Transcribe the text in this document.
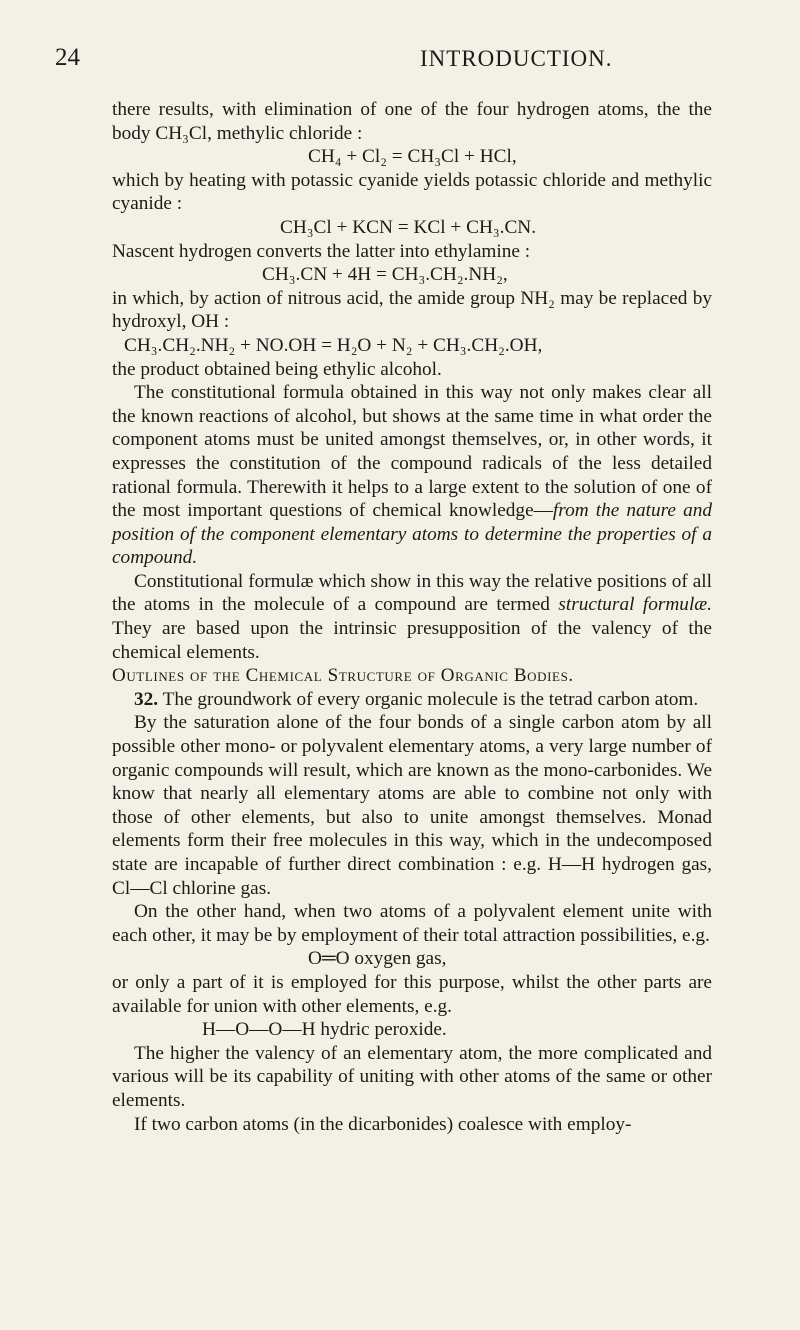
24	INTRODUCTION.

there results, with elimination of one of the four hydrogen atoms, the the body CH₃Cl, methylic chloride :

CH₄ + Cl₂ = CH₃Cl + HCl,

which by heating with potassic cyanide yields potassic chloride and methylic cyanide :

CH₃Cl + KCN = KCl + CH₃.CN.

Nascent hydrogen converts the latter into ethylamine :

CH₃.CN + 4H = CH₃.CH₂.NH₂,

in which, by action of nitrous acid, the amide group NH₂ may be replaced by hydroxyl, OH :

CH₃.CH₂.NH₂ + NO.OH = H₂O + N₂ + CH₃.CH₂.OH,

the product obtained being ethylic alcohol.

The constitutional formula obtained in this way not only makes clear all the known reactions of alcohol, but shows at the same time in what order the component atoms must be united amongst themselves, or, in other words, it expresses the constitution of the compound radicals of the less detailed rational formula. Therewith it helps to a large extent to the solution of one of the most important questions of chemical knowledge—from the nature and position of the component elementary atoms to determine the properties of a compound.

Constitutional formulæ which show in this way the relative positions of all the atoms in the molecule of a compound are termed structural formulæ. They are based upon the intrinsic presupposition of the valency of the chemical elements.

Outlines of the Chemical Structure of Organic Bodies.

32. The groundwork of every organic molecule is the tetrad carbon atom.

By the saturation alone of the four bonds of a single carbon atom by all possible other mono- or polyvalent elementary atoms, a very large number of organic compounds will result, which are known as the mono-carbonides. We know that nearly all elementary atoms are able to combine not only with those of other elements, but also to unite amongst themselves. Monad elements form their free molecules in this way, which in the undecomposed state are incapable of further direct combination : e.g. H—H hydrogen gas, Cl—Cl chlorine gas.

On the other hand, when two atoms of a polyvalent element unite with each other, it may be by employment of their total attraction possibilities, e.g.

O═O oxygen gas,

or only a part of it is employed for this purpose, whilst the other parts are available for union with other elements, e.g.

H—O—O—H hydric peroxide.

The higher the valency of an elementary atom, the more complicated and various will be its capability of uniting with other atoms of the same or other elements.

If two carbon atoms (in the dicarbonides) coalesce with employ-
